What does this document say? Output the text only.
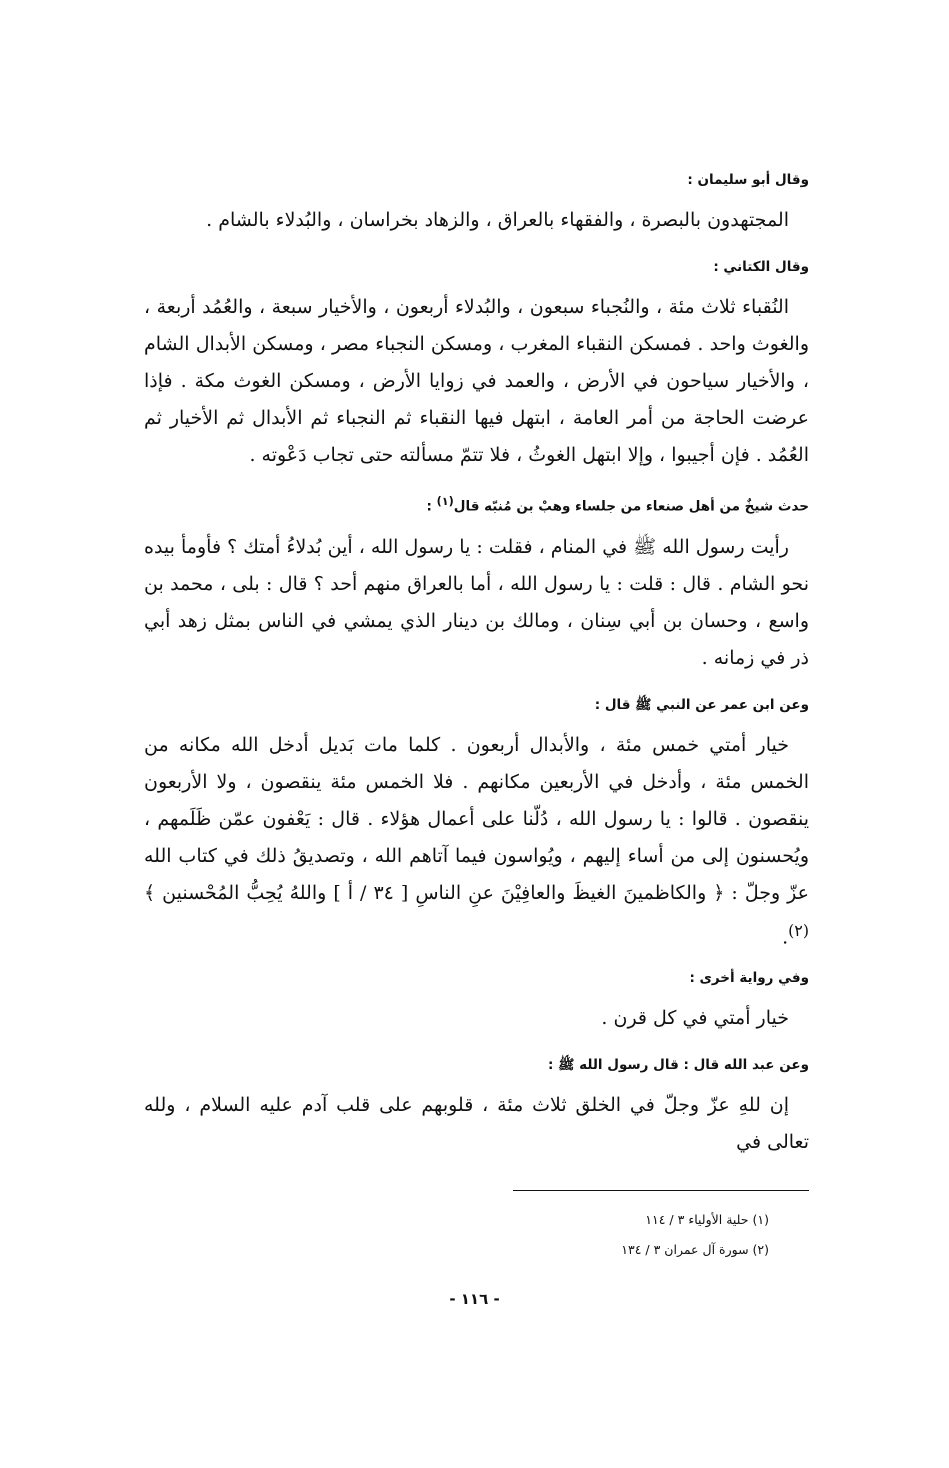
وقال أبو سليمان :

المجتهدون بالبصرة ، والفقهاء بالعراق ، والزهاد بخراسان ، والبُدلاء بالشام .

وقال الكتاني :

النُقباء ثلاث مئة ، والنُجباء سبعون ، والبُدلاء أربعون ، والأخيار سبعة ، والعُمُد أربعة ، والغوث واحد . فمسكن النقباء المغرب ، ومسكن النجباء مصر ، ومسكن الأبدال الشام ، والأخيار سياحون في الأرض ، والعمد في زوايا الأرض ، ومسكن الغوث مكة . فإذا عرضت الحاجة من أمر العامة ، ابتهل فيها النقباء ثم النجباء ثم الأبدال ثم الأخيار ثم العُمُد . فإن أجيبوا ، وإلا ابتهل الغوثُ ، فلا تتمّ مسألته حتى تجاب دَعْوته .

حدث شيخٌ من أهل صنعاء من جلساء وهبْ بن مُنبّه قال$^{(١)}$ :

رأيت رسول الله ﷺ في المنام ، فقلت : يا رسول الله ، أين بُدلاءُ أمتك ؟ فأومأ بيده نحو الشام . قال : قلت : يا رسول الله ، أما بالعراق منهم أحد ؟ قال : بلى ، محمد بن واسع ، وحسان بن أبي سِنان ، ومالك بن دينار الذي يمشي في الناس بمثل زهد أبي ذر في زمانه .

وعن ابن عمر عن النبي ﷺ قال :

خيار أمتي خمس مئة ، والأبدال أربعون . كلما مات بَديل أدخل الله مكانه من الخمس مئة ، وأدخل في الأربعين مكانهم . فلا الخمس مئة ينقصون ، ولا الأربعون ينقصون . قالوا : يا رسول الله ، دُلّنا على أعمال هؤلاء . قال : يَعْفون عمّن ظَلَمهم ، ويُحسنون إلى من أساء إليهم ، ويُواسون فيما آتاهم الله ، وتصديقُ ذلك في كتاب الله عزّ وجلّ : ﴿ والكاظمينَ الغيظَ والعافِيْنَ عنِ الناسِ [ ٣٤ / أ ] واللهُ يُحِبُّ المُحْسنين ﴾$^{(٢)}$.

وفي رواية أخرى :

خيار أمتي في كل قرن .

وعن عبد الله قال : قال رسول الله ﷺ :

إن للهِ عزّ وجلّ في الخلق ثلاث مئة ، قلوبهم على قلب آدم عليه السلام ، ولله تعالى في

(١) حلية الأولياء ٣ / ١١٤
(٢) سورة آل عمران ٣ / ١٣٤
- ١١٦ -
